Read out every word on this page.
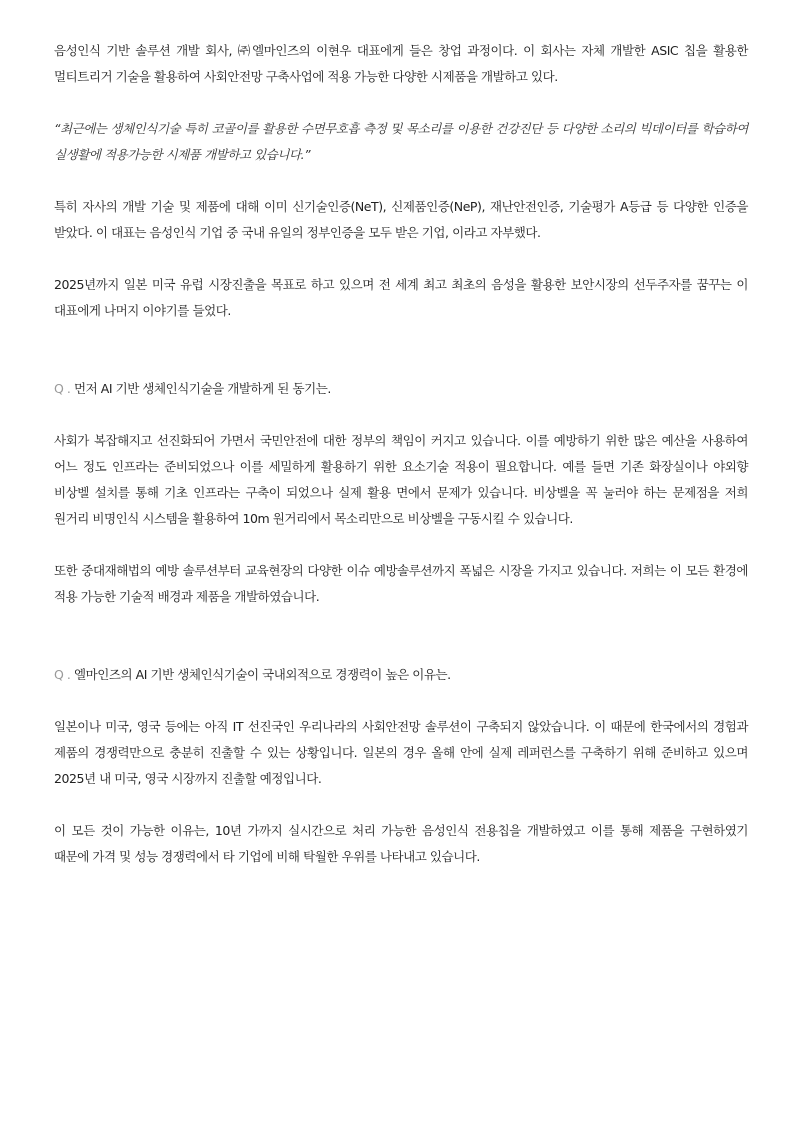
음성인식 기반 솔루션 개발 회사, ㈜엘마인즈의 이현우 대표에게 들은 창업 과정이다. 이 회사는 자체 개발한 ASIC 칩을 활용한 멀티트리거 기술을 활용하여 사회안전망 구축사업에 적용 가능한 다양한 시제품을 개발하고 있다.

“최근에는 생체인식기술 특히 코골이를 활용한 수면무호흡 측정 및 목소리를 이용한 건강진단 등 다양한 소리의 빅데이터를 학습하여 실생활에 적용가능한 시제품 개발하고 있습니다.”

특히 자사의 개발 기술 및 제품에 대해 이미 신기술인증(NeT), 신제품인증(NeP), 재난안전인증, 기술평가 A등급 등 다양한 인증을 받았다. 이 대표는 음성인식 기업 중 국내 유일의 정부인증을 모두 받은 기업, 이라고 자부했다.

2025년까지 일본 미국 유럽 시장진출을 목표로 하고 있으며 전 세계 최고 최초의 음성을 활용한 보안시장의 선두주자를 꿈꾸는 이 대표에게 나머지 이야기를 들었다.

Q . 먼저 AI 기반 생체인식기술을 개발하게 된 동기는.

사회가 복잡해지고 선진화되어 가면서 국민안전에 대한 정부의 책임이 커지고 있습니다. 이를 예방하기 위한 많은 예산을 사용하여 어느 정도 인프라는 준비되었으나 이를 세밀하게 활용하기 위한 요소기술 적용이 필요합니다. 예를 들면 기존 화장실이나 야외향 비상벨 설치를 통해 기초 인프라는 구축이 되었으나 실제 활용 면에서 문제가 있습니다. 비상벨을 꼭 눌러야 하는 문제점을 저희 원거리 비명인식 시스템을 활용하여 10m 원거리에서 목소리만으로 비상벨을 구동시킬 수 있습니다.

또한 중대재해법의 예방 솔루션부터 교육현장의 다양한 이슈 예방솔루션까지 폭넓은 시장을 가지고 있습니다. 저희는 이 모든 환경에 적용 가능한 기술적 배경과 제품을 개발하였습니다.

Q . 엘마인즈의 AI 기반 생체인식기술이 국내외적으로 경쟁력이 높은 이유는.

일본이나 미국, 영국 등에는 아직 IT 선진국인 우리나라의 사회안전망 솔루션이 구축되지 않았습니다. 이 때문에 한국에서의 경험과 제품의 경쟁력만으로 충분히 진출할 수 있는 상황입니다. 일본의 경우 올해 안에 실제 레퍼런스를 구축하기 위해 준비하고 있으며 2025년 내 미국, 영국 시장까지 진출할 예정입니다.

이 모든 것이 가능한 이유는, 10년 가까지 실시간으로 처리 가능한 음성인식 전용칩을 개발하였고 이를 통해 제품을 구현하였기 때문에 가격 및 성능 경쟁력에서 타 기업에 비해 탁월한 우위를 나타내고 있습니다.
